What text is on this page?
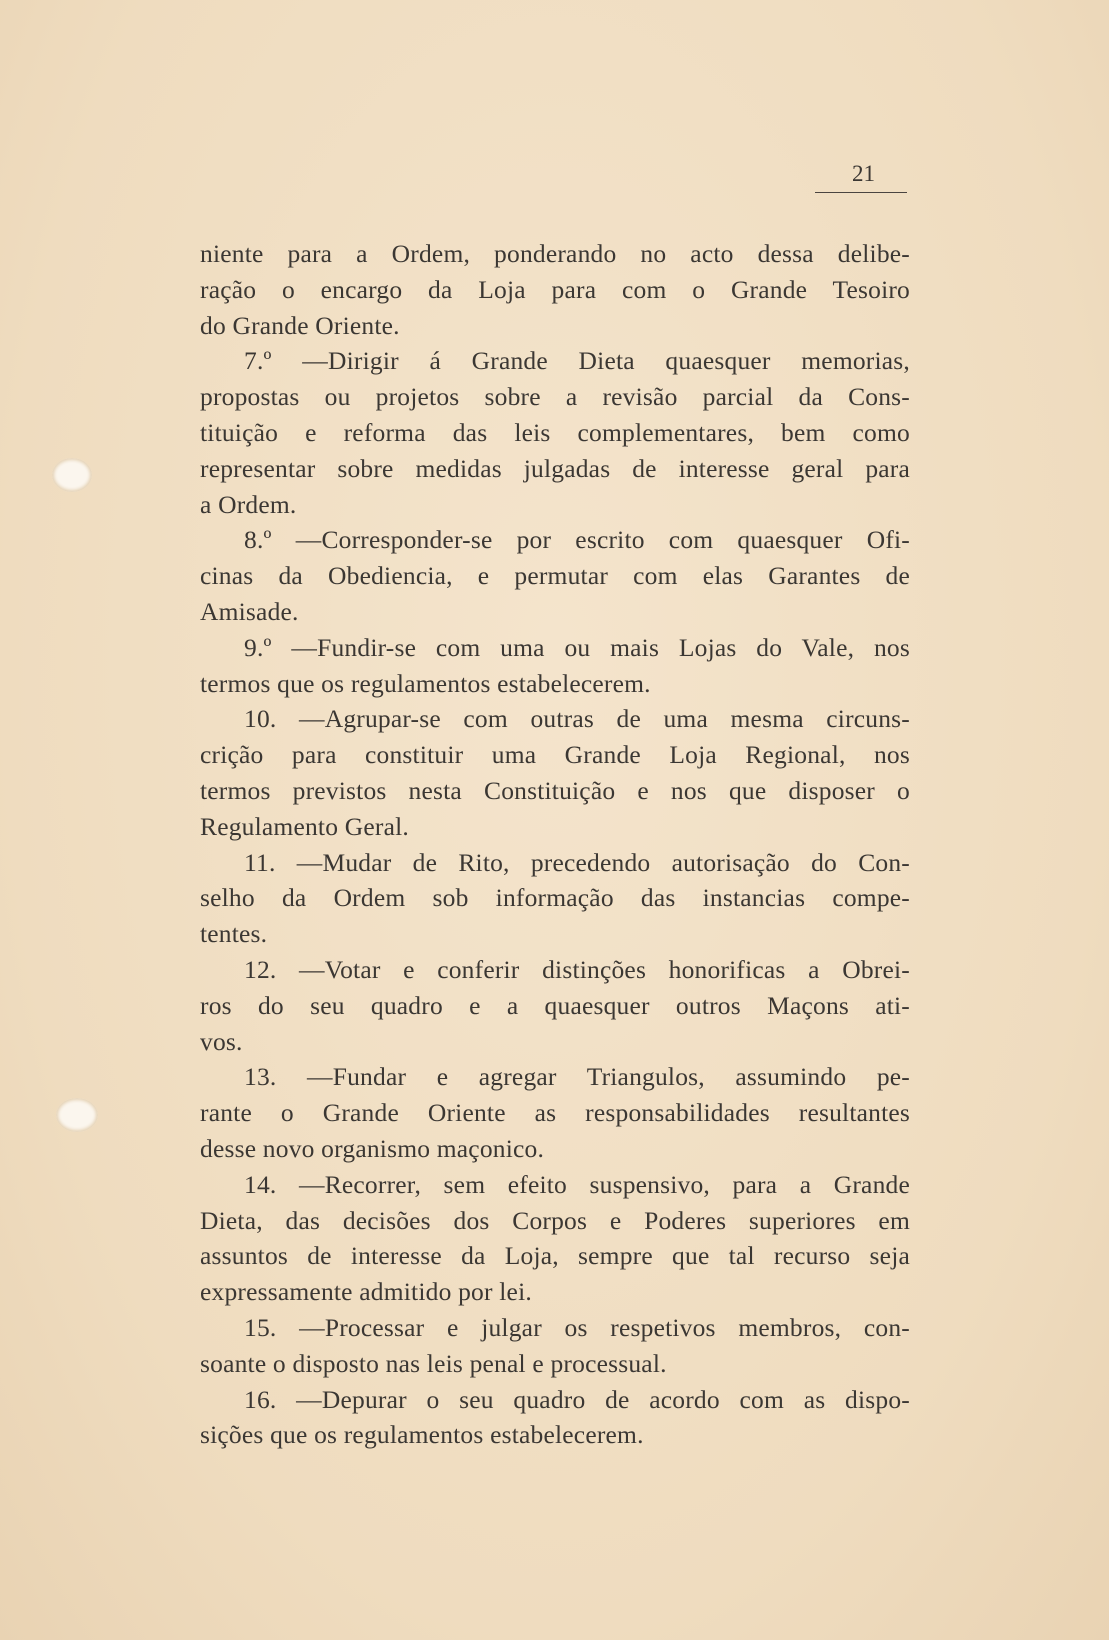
21
niente para a Ordem, ponderando no acto dessa delibe-
ração o encargo da Loja para com o Grande Tesoiro
do Grande Oriente.
7.º —Dirigir á Grande Dieta quaesquer memorias,
propostas ou projetos sobre a revisão parcial da Cons-
tituição e reforma das leis complementares, bem como
representar sobre medidas julgadas de interesse geral para
a Ordem.
8.º —Corresponder-se por escrito com quaesquer Ofi-
cinas da Obediencia, e permutar com elas Garantes de
Amisade.
9.º —Fundir-se com uma ou mais Lojas do Vale, nos
termos que os regulamentos estabelecerem.
10. —Agrupar-se com outras de uma mesma circuns-
crição para constituir uma Grande Loja Regional, nos
termos previstos nesta Constituição e nos que disposer o
Regulamento Geral.
11. —Mudar de Rito, precedendo autorisação do Con-
selho da Ordem sob informação das instancias compe-
tentes.
12. —Votar e conferir distinções honorificas a Obrei-
ros do seu quadro e a quaesquer outros Maçons ati-
vos.
13. —Fundar e agregar Triangulos, assumindo pe-
rante o Grande Oriente as responsabilidades resultantes
desse novo organismo maçonico.
14. —Recorrer, sem efeito suspensivo, para a Grande
Dieta, das decisões dos Corpos e Poderes superiores em
assuntos de interesse da Loja, sempre que tal recurso seja
expressamente admitido por lei.
15. —Processar e julgar os respetivos membros, con-
soante o disposto nas leis penal e processual.
16. —Depurar o seu quadro de acordo com as dispo-
sições que os regulamentos estabelecerem.
